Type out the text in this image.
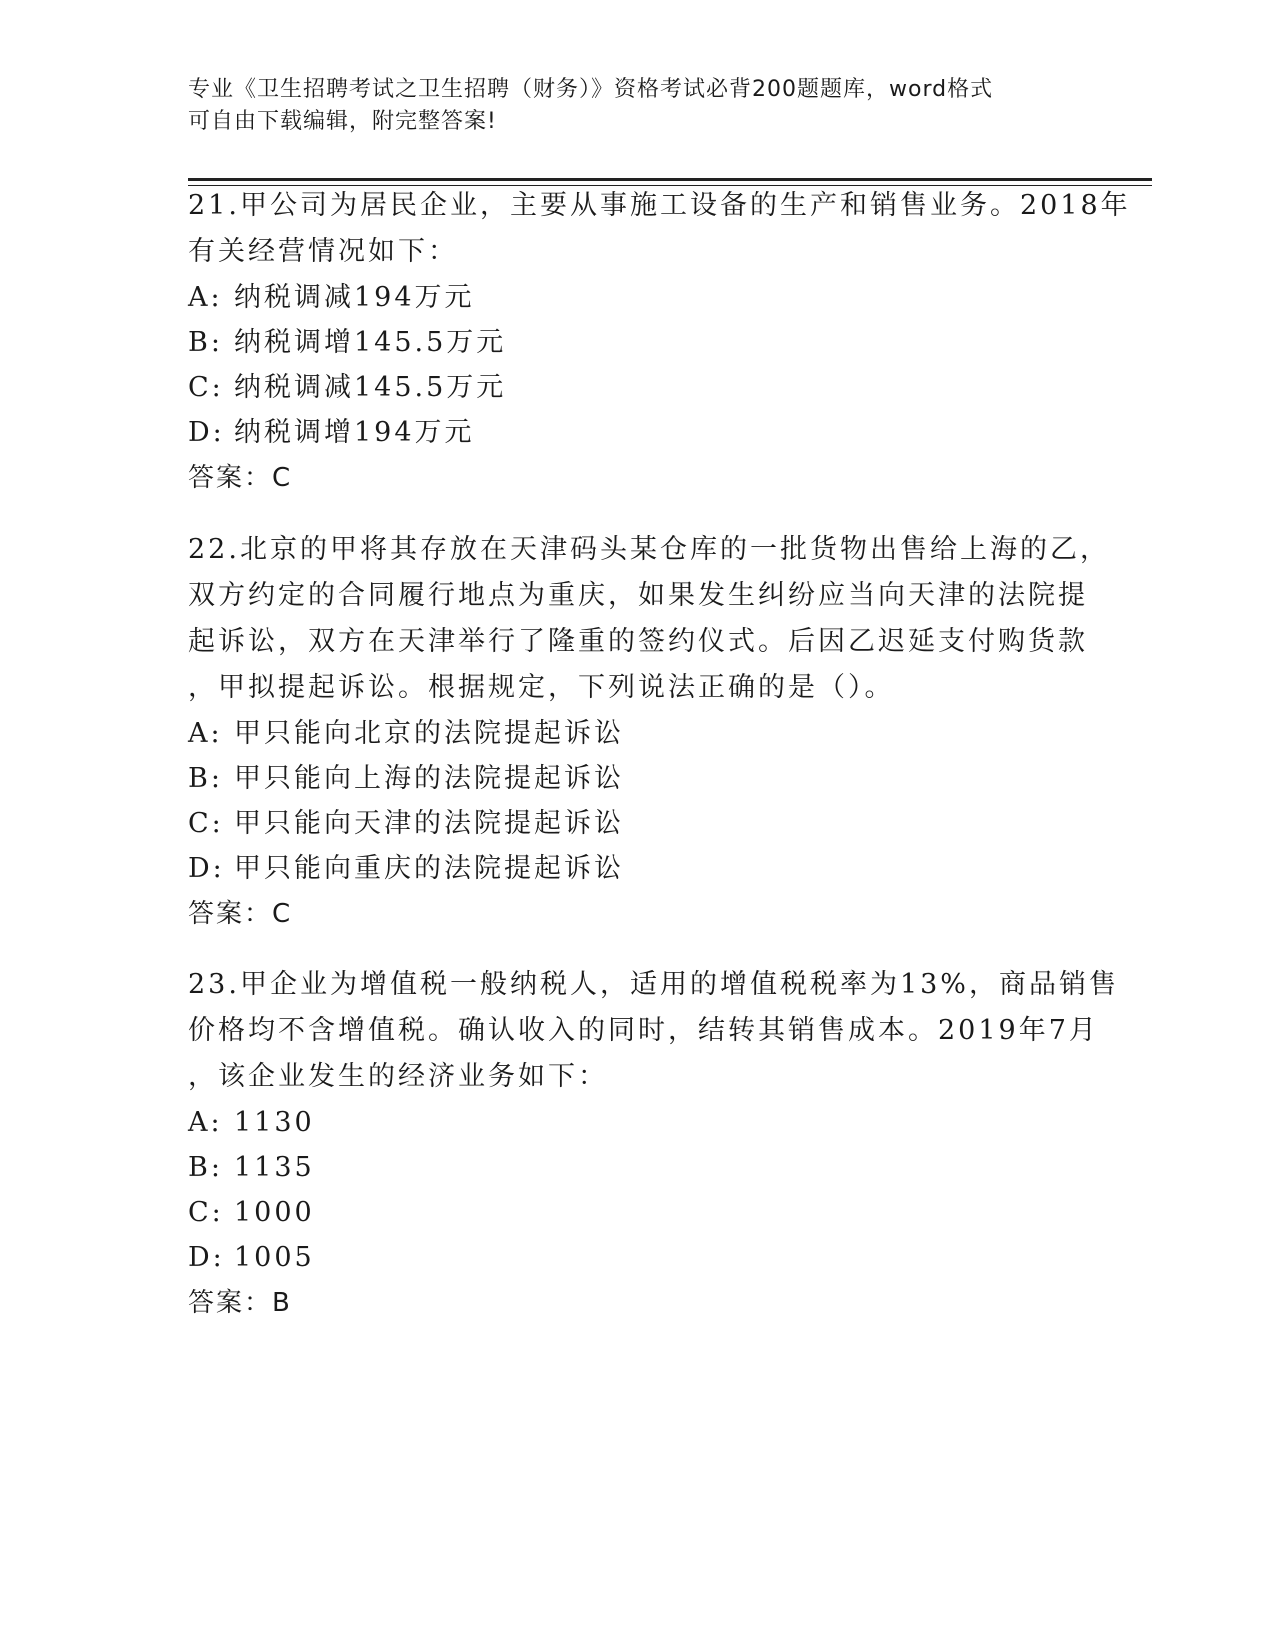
专业《卫生招聘考试之卫生招聘（财务）》资格考试必背200题题库，word格式
可自由下载编辑，附完整答案!
21.甲公司为居民企业，主要从事施工设备的生产和销售业务。2018年
有关经营情况如下：
A: 纳税调减194万元
B: 纳税调增145.5万元
C: 纳税调减145.5万元
D: 纳税调增194万元
答案：C
22.北京的甲将其存放在天津码头某仓库的一批货物出售给上海的乙，
双方约定的合同履行地点为重庆，如果发生纠纷应当向天津的法院提
起诉讼，双方在天津举行了隆重的签约仪式。后因乙迟延支付购货款
，甲拟提起诉讼。根据规定，下列说法正确的是（）。
A: 甲只能向北京的法院提起诉讼
B: 甲只能向上海的法院提起诉讼
C: 甲只能向天津的法院提起诉讼
D: 甲只能向重庆的法院提起诉讼
答案：C
23.甲企业为增值税一般纳税人，适用的增值税税率为13%，商品销售
价格均不含增值税。确认收入的同时，结转其销售成本。2019年7月
，该企业发生的经济业务如下：
A: 1130
B: 1135
C: 1000
D: 1005
答案：B
